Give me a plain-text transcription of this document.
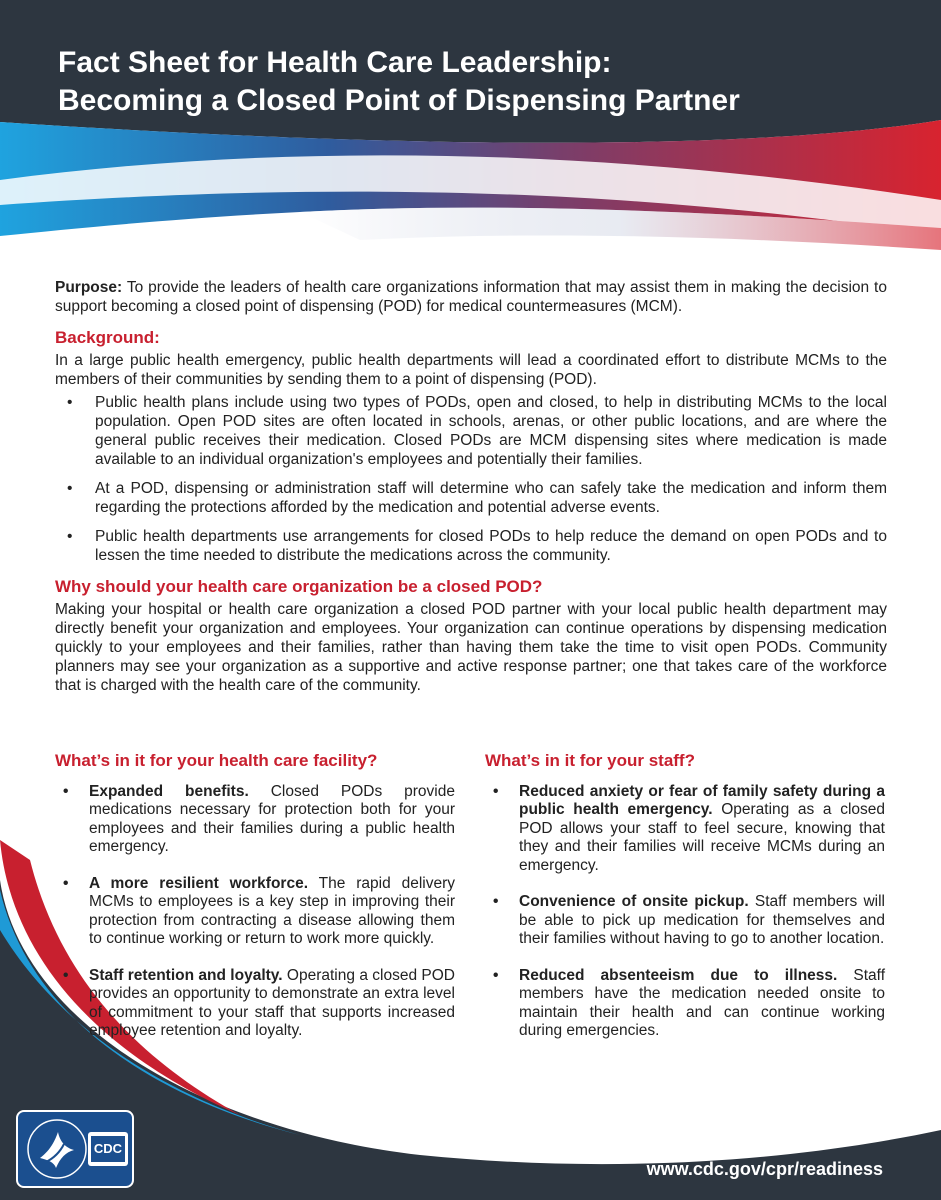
Fact Sheet for Health Care Leadership:
Becoming a Closed Point of Dispensing Partner
CDC
www.cdc.gov/cpr/readiness

Purpose: To provide the leaders of health care organizations information that may assist them in making the decision to support becoming a closed point of dispensing (POD) for medical countermeasures (MCM).

Background:

In a large public health emergency, public health departments will lead a coordinated effort to distribute MCMs to the members of their communities by sending them to a point of dispensing (POD).

• Public health plans include using two types of PODs, open and closed, to help in distributing MCMs to the local population. Open POD sites are often located in schools, arenas, or other public locations, and are where the general public receives their medication. Closed PODs are MCM dispensing sites where medication is made available to an individual organization's employees and potentially their families.
• At a POD, dispensing or administration staff will determine who can safely take the medication and inform them regarding the protections afforded by the medication and potential adverse events.
• Public health departments use arrangements for closed PODs to help reduce the demand on open PODs and to lessen the time needed to distribute the medications across the community.
Why should your health care organization be a closed POD?

Making your hospital or health care organization a closed POD partner with your local public health department may directly benefit your organization and employees. Your organization can continue operations by dispensing medication quickly to your employees and their families, rather than having them take the time to visit open PODs. Community planners may see your organization as a supportive and active response partner; one that takes care of the workforce that is charged with the health care of the community.

What’s in it for your health care facility?
• Expanded benefits. Closed PODs provide medications necessary for protection both for your employees and their families during a public health emergency.
• A more resilient workforce. The rapid delivery MCMs to employees is a key step in improving their protection from contracting a disease allowing them to continue working or return to work more quickly.
• Staff retention and loyalty. Operating a closed POD provides an opportunity to demonstrate an extra level of commitment to your staff that supports increased employee retention and loyalty.
What’s in it for your staff?
• Reduced anxiety or fear of family safety during a public health emergency. Operating as a closed POD allows your staff to feel secure, knowing that they and their families will receive MCMs during an emergency.
• Convenience of onsite pickup. Staff members will be able to pick up medication for themselves and their families without having to go to another location.
• Reduced absenteeism due to illness. Staff members have the medication needed onsite to maintain their health and can continue working during emergencies.
